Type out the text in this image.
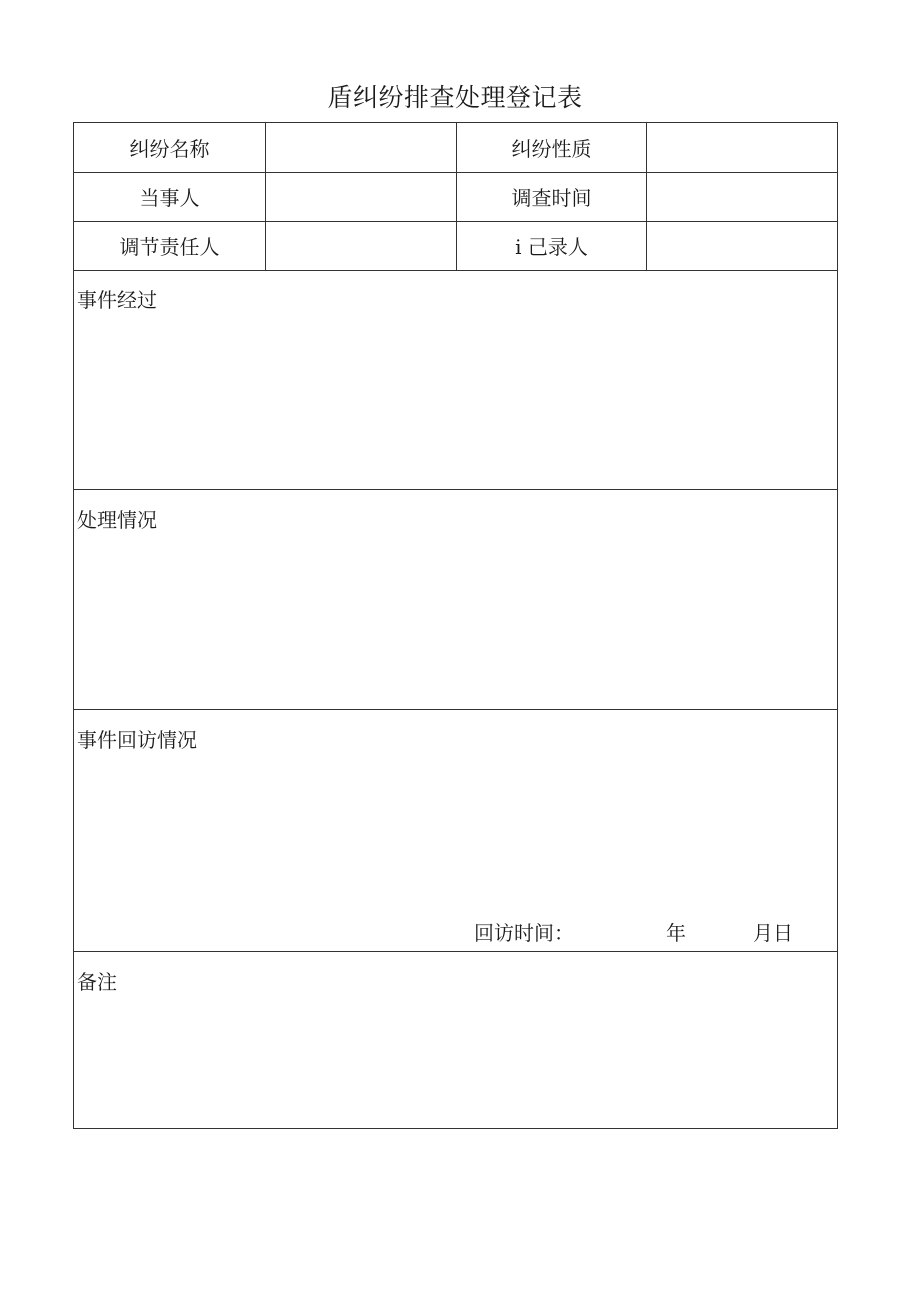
盾纠纷排查处理登记表
纠纷名称	纠纷性质
当事人	调查时间
调节责任人	i 己录人
事件经过
处理情况
事件回访情况
回访时间：	年	月日
备注
